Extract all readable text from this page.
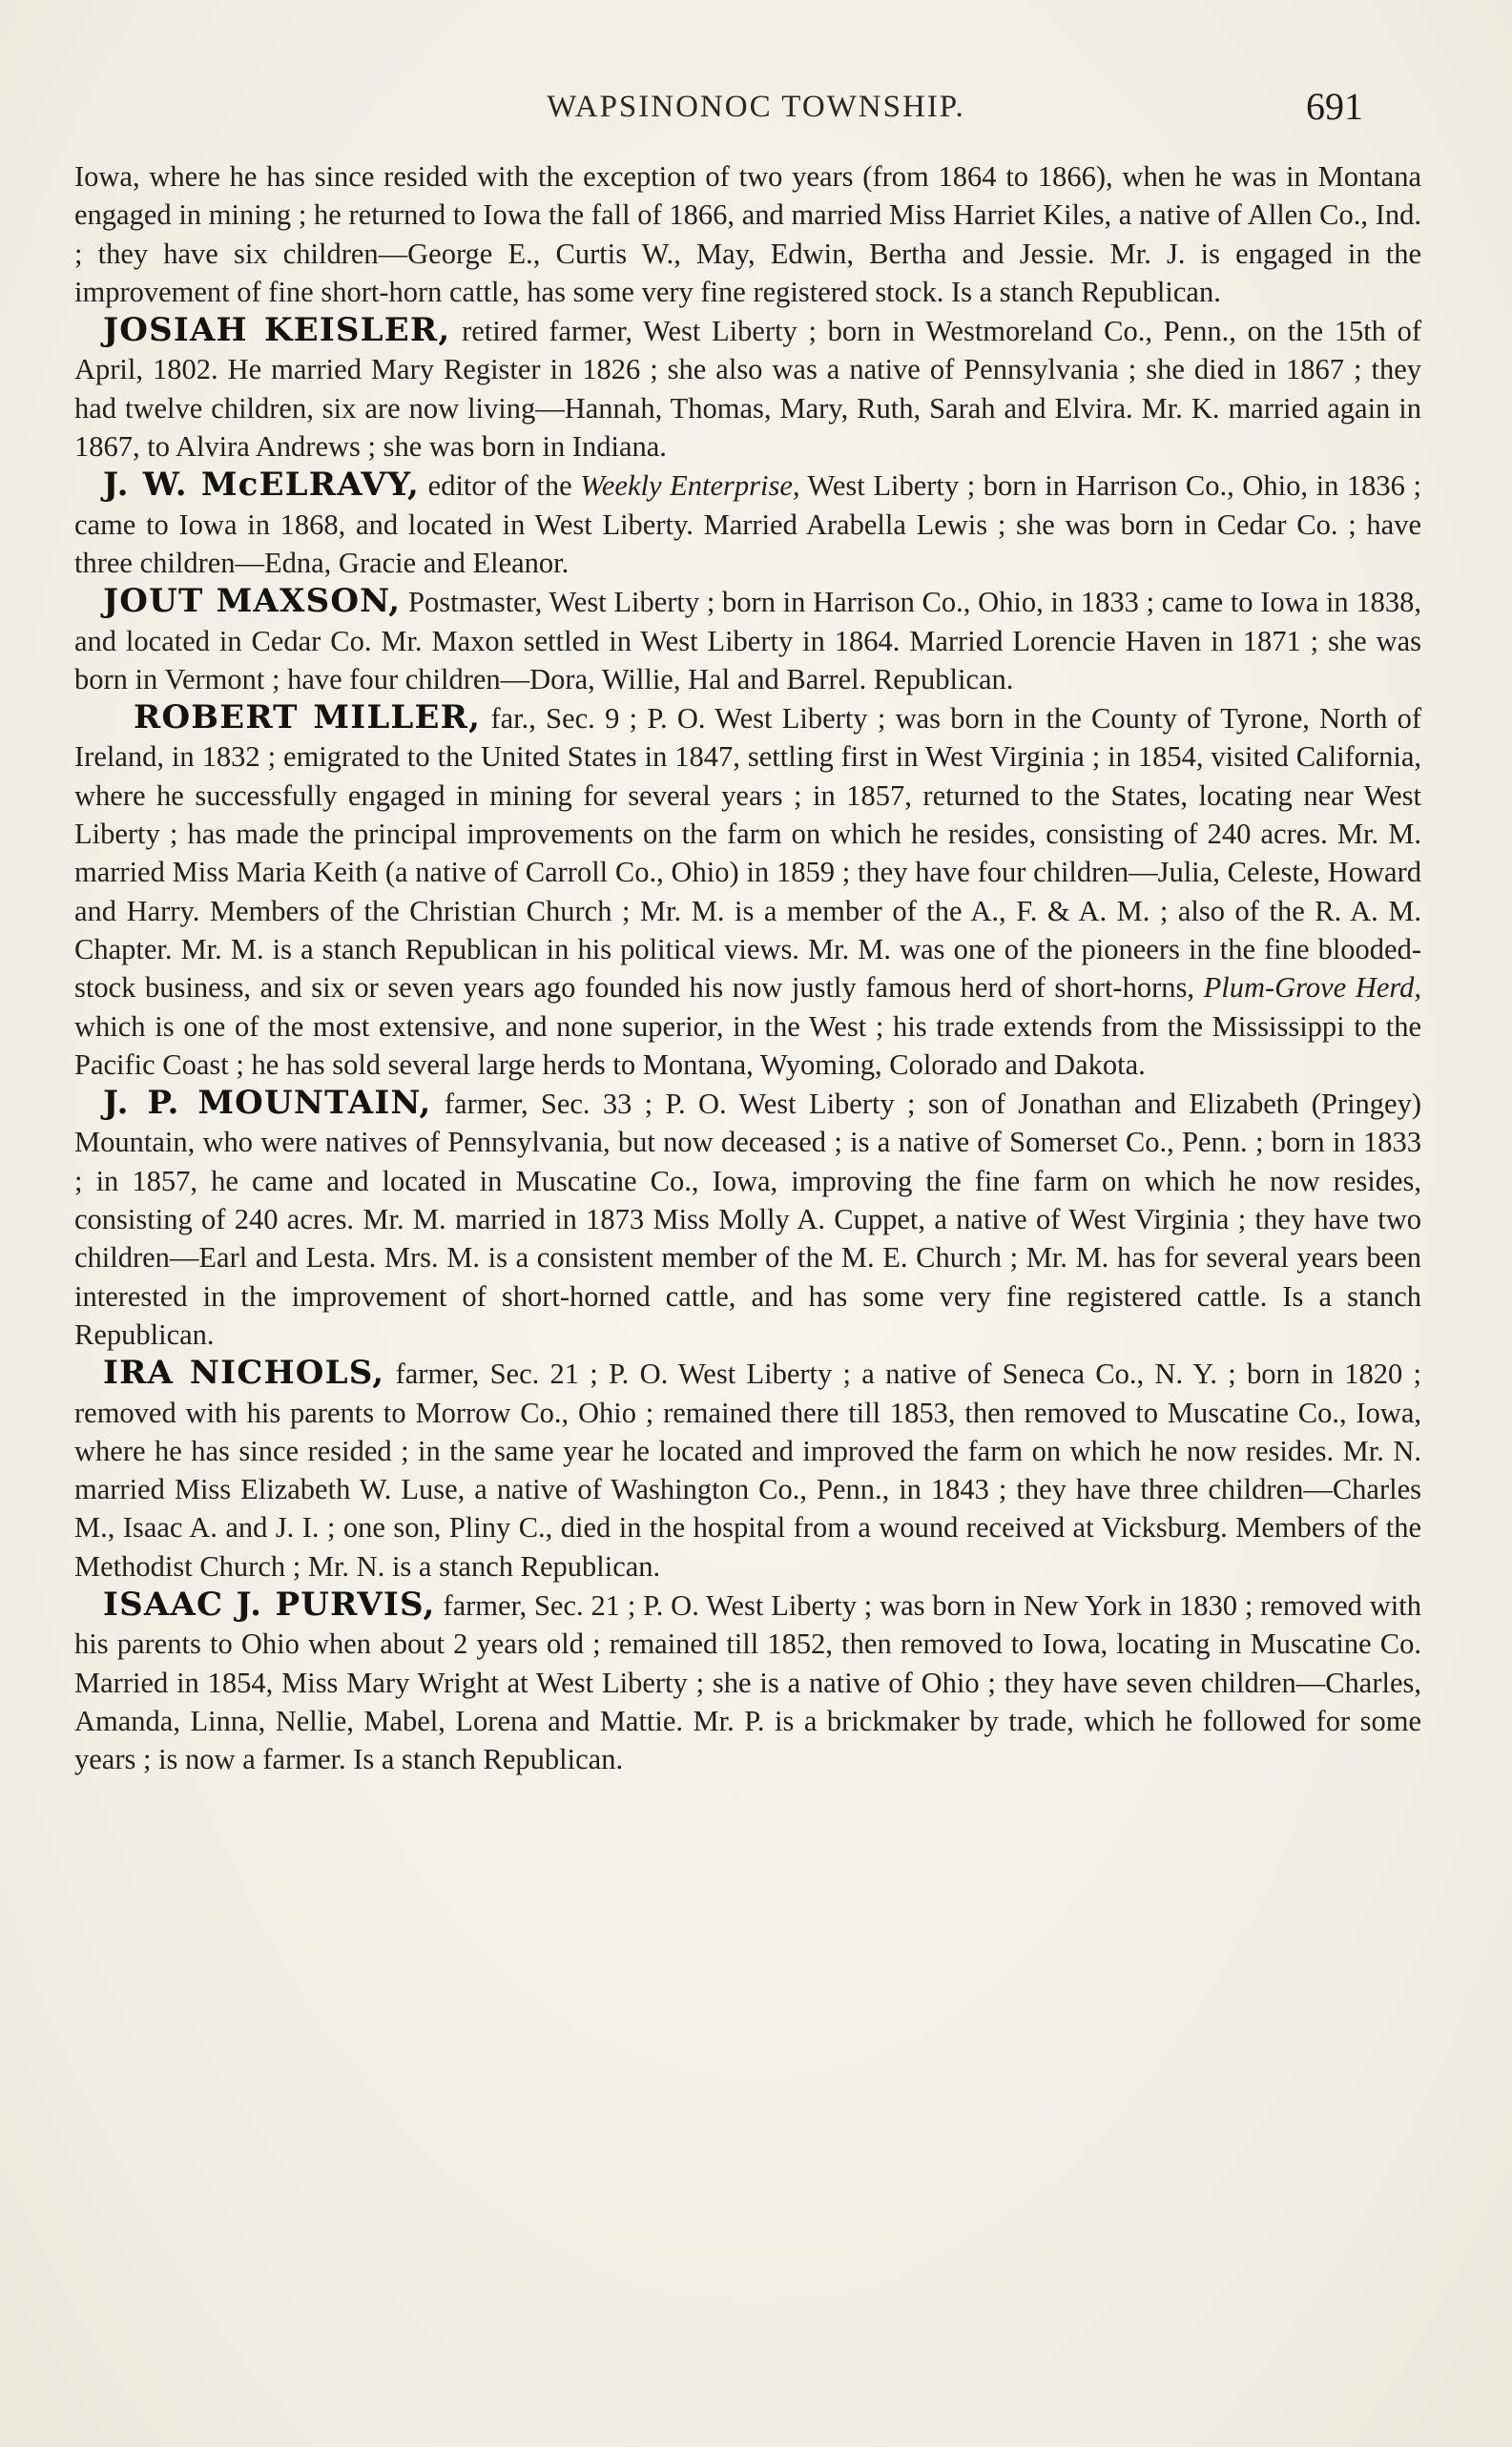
WAPSINONOC TOWNSHIP.	691

Iowa, where he has since resided with the exception of two years (from 1864 to 1866), when he was in Montana engaged in mining ; he returned to Iowa the fall of 1866, and married Miss Harriet Kiles, a native of Allen Co., Ind. ; they have six children—George E., Curtis W., May, Edwin, Bertha and Jessie. Mr. J. is engaged in the improvement of fine short-horn cattle, has some very fine registered stock. Is a stanch Republican.

JOSIAH KEISLER, retired farmer, West Liberty ; born in Westmoreland Co., Penn., on the 15th of April, 1802. He married Mary Register in 1826 ; she also was a native of Pennsylvania ; she died in 1867 ; they had twelve children, six are now living—Hannah, Thomas, Mary, Ruth, Sarah and Elvira. Mr. K. married again in 1867, to Alvira Andrews ; she was born in Indiana.

J. W. McELRAVY, editor of the Weekly Enterprise, West Liberty ; born in Harrison Co., Ohio, in 1836 ; came to Iowa in 1868, and located in West Liberty. Married Arabella Lewis ; she was born in Cedar Co. ; have three children—Edna, Gracie and Eleanor.

JOUT MAXSON, Postmaster, West Liberty ; born in Harrison Co., Ohio, in 1833 ; came to Iowa in 1838, and located in Cedar Co. Mr. Maxon settled in West Liberty in 1864. Married Lorencie Haven in 1871 ; she was born in Vermont ; have four children—Dora, Willie, Hal and Barrel. Republican.

ROBERT MILLER, far., Sec. 9 ; P. O. West Liberty ; was born in the County of Tyrone, North of Ireland, in 1832 ; emigrated to the United States in 1847, settling first in West Virginia ; in 1854, visited California, where he successfully engaged in mining for several years ; in 1857, returned to the States, locating near West Liberty ; has made the principal improvements on the farm on which he resides, consisting of 240 acres. Mr. M. married Miss Maria Keith (a native of Carroll Co., Ohio) in 1859 ; they have four children—Julia, Celeste, Howard and Harry. Members of the Christian Church ; Mr. M. is a member of the A., F. & A. M. ; also of the R. A. M. Chapter. Mr. M. is a stanch Republican in his political views. Mr. M. was one of the pioneers in the fine blooded-stock business, and six or seven years ago founded his now justly famous herd of short-horns, Plum-Grove Herd, which is one of the most extensive, and none superior, in the West ; his trade extends from the Mississippi to the Pacific Coast ; he has sold several large herds to Montana, Wyoming, Colorado and Dakota.

J. P. MOUNTAIN, farmer, Sec. 33 ; P. O. West Liberty ; son of Jonathan and Elizabeth (Pringey) Mountain, who were natives of Pennsylvania, but now deceased ; is a native of Somerset Co., Penn. ; born in 1833 ; in 1857, he came and located in Muscatine Co., Iowa, improving the fine farm on which he now resides, consisting of 240 acres. Mr. M. married in 1873 Miss Molly A. Cuppet, a native of West Virginia ; they have two children—Earl and Lesta. Mrs. M. is a consistent member of the M. E. Church ; Mr. M. has for several years been interested in the improvement of short-horned cattle, and has some very fine registered cattle. Is a stanch Republican.

IRA NICHOLS, farmer, Sec. 21 ; P. O. West Liberty ; a native of Seneca Co., N. Y. ; born in 1820 ; removed with his parents to Morrow Co., Ohio ; remained there till 1853, then removed to Muscatine Co., Iowa, where he has since resided ; in the same year he located and improved the farm on which he now resides. Mr. N. married Miss Elizabeth W. Luse, a native of Washington Co., Penn., in 1843 ; they have three children—Charles M., Isaac A. and J. I. ; one son, Pliny C., died in the hospital from a wound received at Vicksburg. Members of the Methodist Church ; Mr. N. is a stanch Republican.

ISAAC J. PURVIS, farmer, Sec. 21 ; P. O. West Liberty ; was born in New York in 1830 ; removed with his parents to Ohio when about 2 years old ; remained till 1852, then removed to Iowa, locating in Muscatine Co. Married in 1854, Miss Mary Wright at West Liberty ; she is a native of Ohio ; they have seven children—Charles, Amanda, Linna, Nellie, Mabel, Lorena and Mattie. Mr. P. is a brickmaker by trade, which he followed for some years ; is now a farmer. Is a stanch Republican.
